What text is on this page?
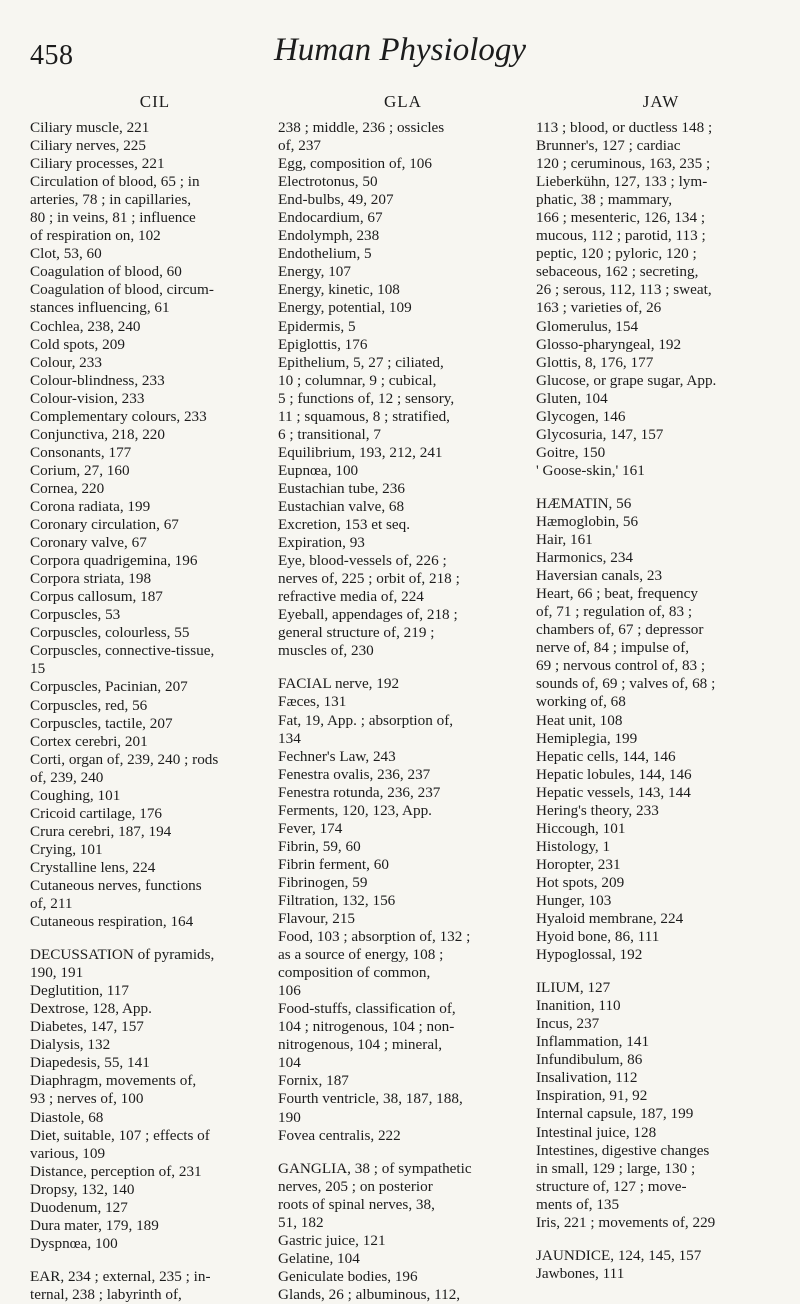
458	Human Physiology
CIL
Ciliary muscle, 221
Ciliary nerves, 225
Ciliary processes, 221
Circulation of blood, 65 ; in
arteries, 78 ; in capillaries,
80 ; in veins, 81 ; influence
of respiration on, 102
Clot, 53, 60
Coagulation of blood, 60
Coagulation of blood, circum-
stances influencing, 61
Cochlea, 238, 240
Cold spots, 209
Colour, 233
Colour-blindness, 233
Colour-vision, 233
Complementary colours, 233
Conjunctiva, 218, 220
Consonants, 177
Corium, 27, 160
Cornea, 220
Corona radiata, 199
Coronary circulation, 67
Coronary valve, 67
Corpora quadrigemina, 196
Corpora striata, 198
Corpus callosum, 187
Corpuscles, 53
Corpuscles, colourless, 55
Corpuscles, connective-tissue,
15
Corpuscles, Pacinian, 207
Corpuscles, red, 56
Corpuscles, tactile, 207
Cortex cerebri, 201
Corti, organ of, 239, 240 ; rods
of, 239, 240
Coughing, 101
Cricoid cartilage, 176
Crura cerebri, 187, 194
Crying, 101
Crystalline lens, 224
Cutaneous nerves, functions
of, 211
Cutaneous respiration, 164
DECUSSATION of pyramids,
190, 191
Deglutition, 117
Dextrose, 128, App.
Diabetes, 147, 157
Dialysis, 132
Diapedesis, 55, 141
Diaphragm, movements of,
93 ; nerves of, 100
Diastole, 68
Diet, suitable, 107 ; effects of
various, 109
Distance, perception of, 231
Dropsy, 132, 140
Duodenum, 127
Dura mater, 179, 189
Dyspnœa, 100
EAR, 234 ; external, 235 ; in-
ternal, 238 ; labyrinth of,
GLA
238 ; middle, 236 ; ossicles
of, 237
Egg, composition of, 106
Electrotonus, 50
End-bulbs, 49, 207
Endocardium, 67
Endolymph, 238
Endothelium, 5
Energy, 107
Energy, kinetic, 108
Energy, potential, 109
Epidermis, 5
Epiglottis, 176
Epithelium, 5, 27 ; ciliated,
10 ; columnar, 9 ; cubical,
5 ; functions of, 12 ; sensory,
11 ; squamous, 8 ; stratified,
6 ; transitional, 7
Equilibrium, 193, 212, 241
Eupnœa, 100
Eustachian tube, 236
Eustachian valve, 68
Excretion, 153 et seq.
Expiration, 93
Eye, blood-vessels of, 226 ;
nerves of, 225 ; orbit of, 218 ;
refractive media of, 224
Eyeball, appendages of, 218 ;
general structure of, 219 ;
muscles of, 230
FACIAL nerve, 192
Fæces, 131
Fat, 19, App. ; absorption of,
134
Fechner's Law, 243
Fenestra ovalis, 236, 237
Fenestra rotunda, 236, 237
Ferments, 120, 123, App.
Fever, 174
Fibrin, 59, 60
Fibrin ferment, 60
Fibrinogen, 59
Filtration, 132, 156
Flavour, 215
Food, 103 ; absorption of, 132 ;
as a source of energy, 108 ;
composition of common,
106
Food-stuffs, classification of,
104 ; nitrogenous, 104 ; non-
nitrogenous, 104 ; mineral,
104
Fornix, 187
Fourth ventricle, 38, 187, 188,
190
Fovea centralis, 222
GANGLIA, 38 ; of sympathetic
nerves, 205 ; on posterior
roots of spinal nerves, 38,
51, 182
Gastric juice, 121
Gelatine, 104
Geniculate bodies, 196
Glands, 26 ; albuminous, 112,
JAW
113 ; blood, or ductless 148 ;
Brunner's, 127 ; cardiac
120 ; ceruminous, 163, 235 ;
Lieberkühn, 127, 133 ; lym-
phatic, 38 ; mammary,
166 ; mesenteric, 126, 134 ;
mucous, 112 ; parotid, 113 ;
peptic, 120 ; pyloric, 120 ;
sebaceous, 162 ; secreting,
26 ; serous, 112, 113 ; sweat,
163 ; varieties of, 26
Glomerulus, 154
Glosso-pharyngeal, 192
Glottis, 8, 176, 177
Glucose, or grape sugar, App.
Gluten, 104
Glycogen, 146
Glycosuria, 147, 157
Goitre, 150
' Goose-skin,' 161
HÆMATIN, 56
Hæmoglobin, 56
Hair, 161
Harmonics, 234
Haversian canals, 23
Heart, 66 ; beat, frequency
of, 71 ; regulation of, 83 ;
chambers of, 67 ; depressor
nerve of, 84 ; impulse of,
69 ; nervous control of, 83 ;
sounds of, 69 ; valves of, 68 ;
working of, 68
Heat unit, 108
Hemiplegia, 199
Hepatic cells, 144, 146
Hepatic lobules, 144, 146
Hepatic vessels, 143, 144
Hering's theory, 233
Hiccough, 101
Histology, 1
Horopter, 231
Hot spots, 209
Hunger, 103
Hyaloid membrane, 224
Hyoid bone, 86, 111
Hypoglossal, 192
ILIUM, 127
Inanition, 110
Incus, 237
Inflammation, 141
Infundibulum, 86
Insalivation, 112
Inspiration, 91, 92
Internal capsule, 187, 199
Intestinal juice, 128
Intestines, digestive changes
in small, 129 ; large, 130 ;
structure of, 127 ; move-
ments of, 135
Iris, 221 ; movements of, 229
JAUNDICE, 124, 145, 157
Jawbones, 111
